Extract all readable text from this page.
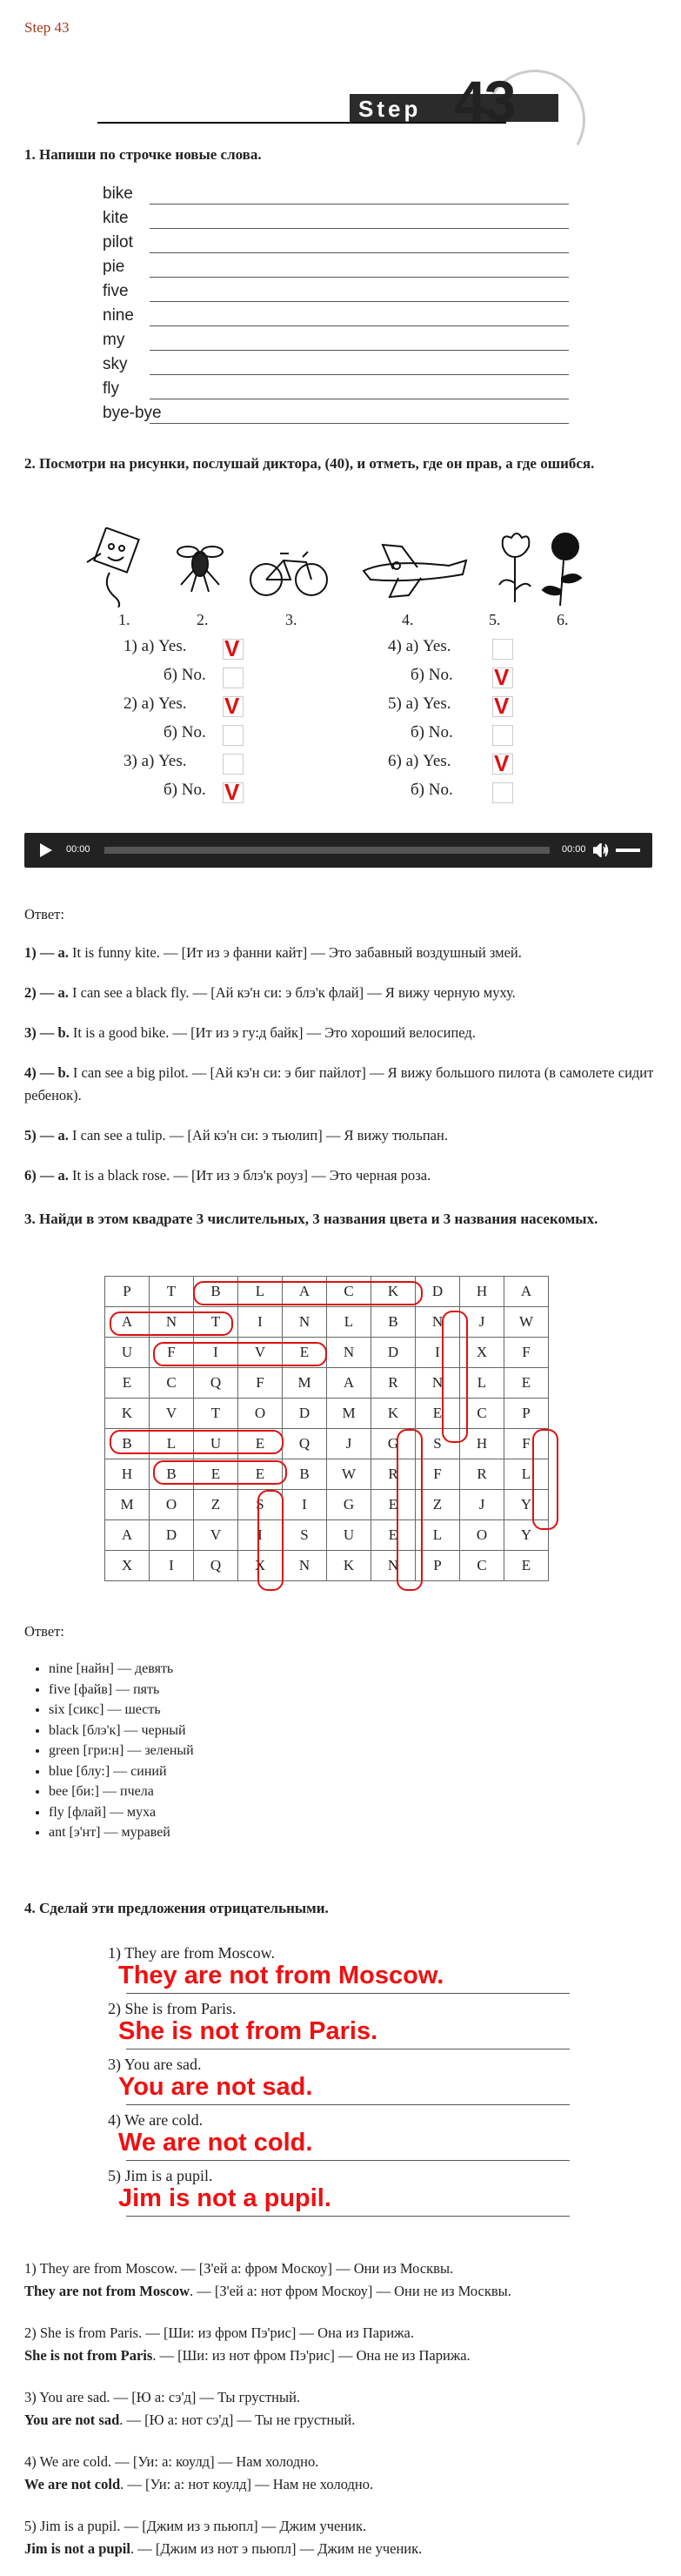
Step 43
Step 43
1. Напиши по строчке новые слова.
bike
kite
pilot
pie
five
nine
my
sky
fly
bye-bye
2. Посмотри на рисунки, послушай диктора, (40), и отметь, где он прав, а где ошибся.
1.	2.	3.	4.	5.	6.
1) а) Yes. V
б) No.
2) а) Yes. V
б) No.
3) а) Yes.
б) No. V
4) а) Yes.
б) No. V
5) а) Yes. V
б) No.
6) а) Yes. V
б) No.
00:00	00:00
Ответ:
1) — a. It is funny kite. — [Ит из э фанни кайт] — Это забавный воздушный змей.
2) — a. I can see a black fly. — [Ай кэ'н си: э блэ'к флай] — Я вижу черную муху.
3) — b. It is a good bike. — [Ит из э гу:д байк] — Это хороший велосипед.
4) — b. I can see a big pilot. — [Ай кэ'н си: э биг пайлот] — Я вижу большого пилота (в самолете сидит ребенок).
5) — a. I can see a tulip. — [Ай кэ'н си: э тьюлип] — Я вижу тюльпан.
6) — a. It is a black rose. — [Ит из э блэ'к роуз] — Это черная роза.
3. Найди в этом квадрате 3 числительных, 3 названия цвета и 3 названия насекомых.
P	T	B	L	A	C	K	D	H	A
A	N	T	I	N	L	B	N	J	W
U	F	I	V	E	N	D	I	X	F
E	C	Q	F	M	A	R	N	L	E
K	V	T	O	D	M	K	E	C	P
B	L	U	E	Q	J	G	S	H	F
H	B	E	E	B	W	R	F	R	L
M	O	Z	S	I	G	E	Z	J	Y
A	D	V	I	S	U	E	L	O	Y
X	I	Q	X	N	K	N	P	C	E
Ответ:
• nine [найн] — девять
• five [файв] — пять
• six [сикс] — шесть
• black [блэ'к] — черный
• green [гри:н] — зеленый
• blue [блу:] — синий
• bee [би:] — пчела
• fly [флай] — муха
• ant [э'нт] — муравей
4. Сделай эти предложения отрицательными.
1) They are from Moscow.
They are not from Moscow.
2) She is from Paris.
She is not from Paris.
3) You are sad.
You are not sad.
4) We are cold.
We are not cold.
5) Jim is a pupil.
Jim is not a pupil.
1) They are from Moscow. — [З'ей а: фром Москоу] — Они из Москвы.
They are not from Moscow. — [З'ей а: нот фром Москоу] — Они не из Москвы.
2) She is from Paris. — [Ши: из фром Пэ'рис] — Она из Парижа.
She is not from Paris. — [Ши: из нот фром Пэ'рис] — Она не из Парижа.
3) You are sad. — [Ю а: сэ'д] — Ты грустный.
You are not sad. — [Ю а: нот сэ'д] — Ты не грустный.
4) We are cold. — [Уи: а: коулд] — Нам холодно.
We are not cold. — [Уи: а: нот коулд] — Нам не холодно.
5) Jim is a pupil. — [Джим из э пьюпл] — Джим ученик.
Jim is not a pupil. — [Джим из нот э пьюпл] — Джим не ученик.
